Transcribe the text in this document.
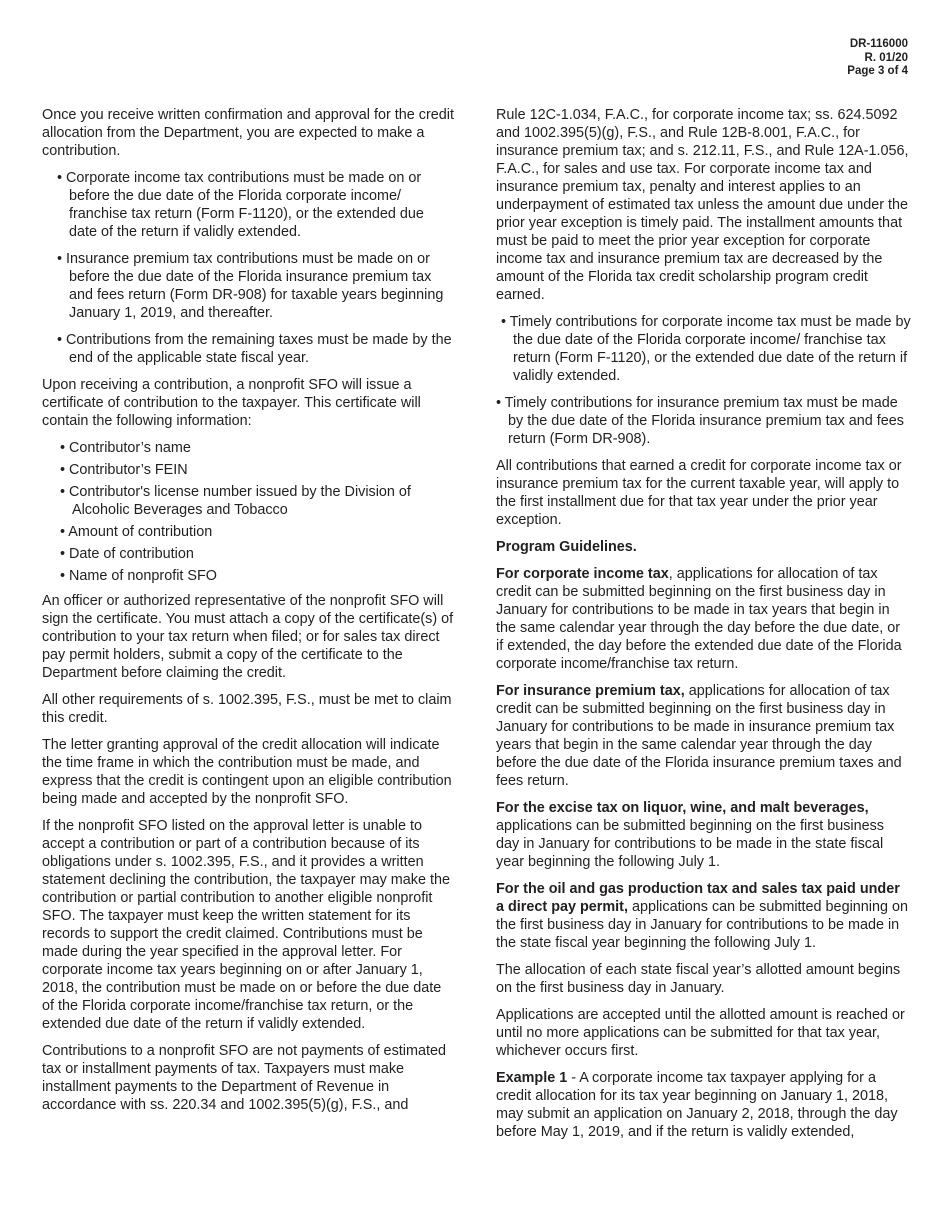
DR-116000
R. 01/20
Page 3 of 4

Once you receive written confirmation and approval for the credit allocation from the Department, you are expected to make a contribution.

• Corporate income tax contributions must be made on or before the due date of the Florida corporate income/ franchise tax return (Form F-1120), or the extended due date of the return if validly extended.
• Insurance premium tax contributions must be made on or before the due date of the Florida insurance premium tax and fees return (Form DR-908) for taxable years beginning January 1, 2019, and thereafter.
• Contributions from the remaining taxes must be made by the end of the applicable state fiscal year.

Upon receiving a contribution, a nonprofit SFO will issue a certificate of contribution to the taxpayer. This certificate will contain the following information:

• Contributor’s name
• Contributor’s FEIN
• Contributor's license number issued by the Division of Alcoholic Beverages and Tobacco
• Amount of contribution
• Date of contribution
• Name of nonprofit SFO

An officer or authorized representative of the nonprofit SFO will sign the certificate. You must attach a copy of the certificate(s) of contribution to your tax return when filed; or for sales tax direct pay permit holders, submit a copy of the certificate to the Department before claiming the credit.

All other requirements of s. 1002.395, F.S., must be met to claim this credit.

The letter granting approval of the credit allocation will indicate the time frame in which the contribution must be made, and express that the credit is contingent upon an eligible contribution being made and accepted by the nonprofit SFO.

If the nonprofit SFO listed on the approval letter is unable to accept a contribution or part of a contribution because of its obligations under s. 1002.395, F.S., and it provides a written statement declining the contribution, the taxpayer may make the contribution or partial contribution to another eligible nonprofit SFO. The taxpayer must keep the written statement for its records to support the credit claimed. Contributions must be made during the year specified in the approval letter. For corporate income tax years beginning on or after January 1, 2018, the contribution must be made on or before the due date of the Florida corporate income/franchise tax return, or the extended due date of the return if validly extended.

Contributions to a nonprofit SFO are not payments of estimated tax or installment payments of tax. Taxpayers must make installment payments to the Department of Revenue in accordance with ss. 220.34 and 1002.395(5)(g), F.S., and

Rule 12C-1.034, F.A.C., for corporate income tax; ss. 624.5092 and 1002.395(5)(g), F.S., and Rule 12B-8.001, F.A.C., for insurance premium tax; and s. 212.11, F.S., and Rule 12A-1.056, F.A.C., for sales and use tax. For corporate income tax and insurance premium tax, penalty and interest applies to an underpayment of estimated tax unless the amount due under the prior year exception is timely paid. The installment amounts that must be paid to meet the prior year exception for corporate income tax and insurance premium tax are decreased by the amount of the Florida tax credit scholarship program credit earned.

• Timely contributions for corporate income tax must be made by the due date of the Florida corporate income/ franchise tax return (Form F-1120), or the extended due date of the return if validly extended.
• Timely contributions for insurance premium tax must be made by the due date of the Florida insurance premium tax and fees return (Form DR-908).

All contributions that earned a credit for corporate income tax or insurance premium tax for the current taxable year, will apply to the first installment due for that tax year under the prior year exception.

Program Guidelines.

For corporate income tax, applications for allocation of tax credit can be submitted beginning on the first business day in January for contributions to be made in tax years that begin in the same calendar year through the day before the due date, or if extended, the day before the extended due date of the Florida corporate income/franchise tax return.

For insurance premium tax, applications for allocation of tax credit can be submitted beginning on the first business day in January for contributions to be made in insurance premium tax years that begin in the same calendar year through the day before the due date of the Florida insurance premium taxes and fees return.

For the excise tax on liquor, wine, and malt beverages, applications can be submitted beginning on the first business day in January for contributions to be made in the state fiscal year beginning the following July 1.

For the oil and gas production tax and sales tax paid under a direct pay permit, applications can be submitted beginning on the first business day in January for contributions to be made in the state fiscal year beginning the following July 1.

The allocation of each state fiscal year’s allotted amount begins on the first business day in January.

Applications are accepted until the allotted amount is reached or until no more applications can be submitted for that tax year, whichever occurs first.

Example 1 - A corporate income tax taxpayer applying for a credit allocation for its tax year beginning on January 1, 2018, may submit an application on January 2, 2018, through the day before May 1, 2019, and if the return is validly extended,
